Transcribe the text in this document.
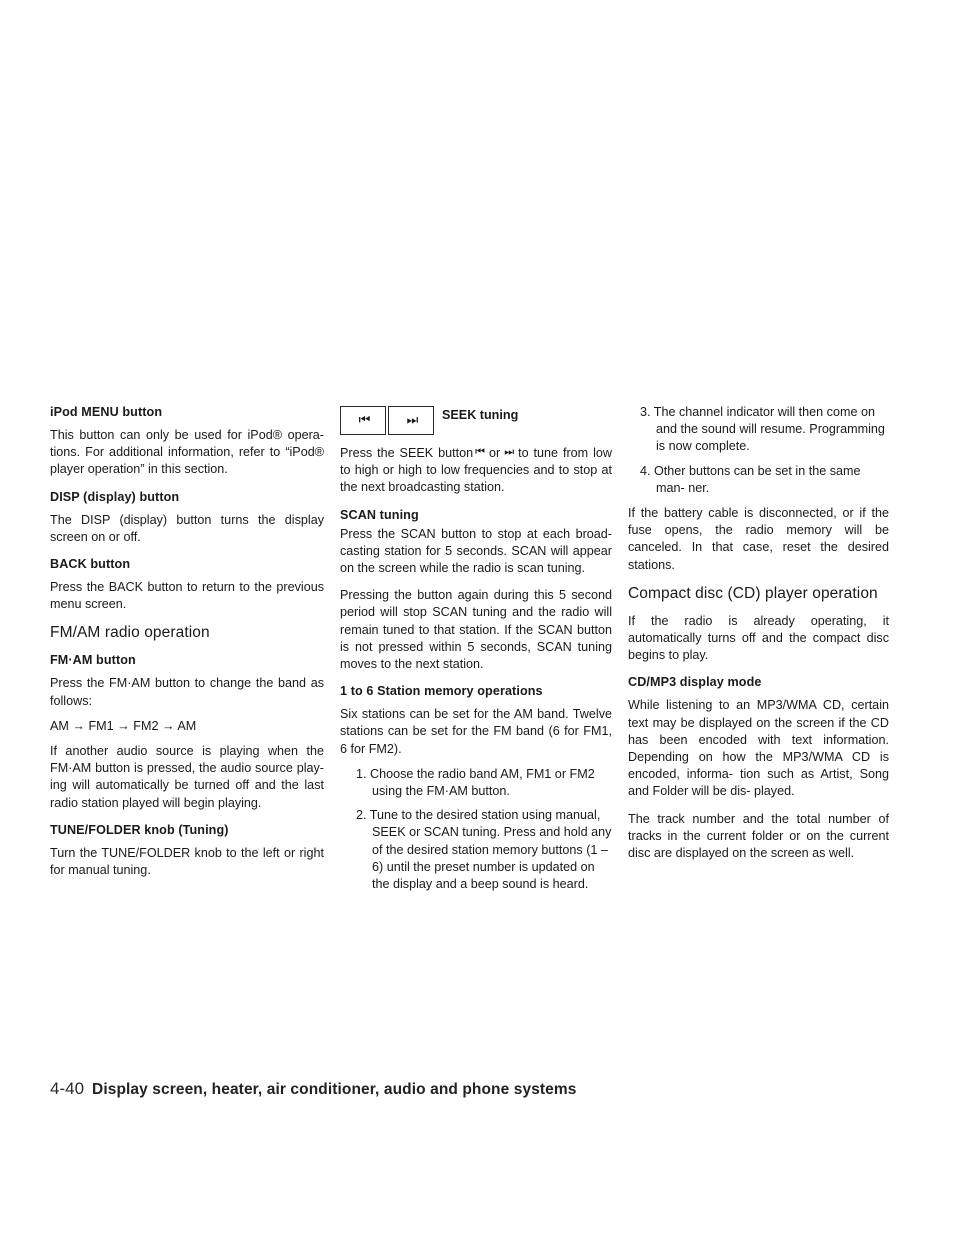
iPod MENU button

This button can only be used for iPod® opera- tions. For additional information, refer to “iPod® player operation” in this section.

DISP (display) button

The DISP (display) button turns the display screen on or off.

BACK button

Press the BACK button to return to the previous menu screen.

FM/AM radio operation
FM·AM button

Press the FM·AM button to change the band as follows:

AM → FM1 → FM2 → AM

If another audio source is playing when the FM·AM button is pressed, the audio source play- ing will automatically be turned off and the last radio station played will begin playing.

TUNE/FOLDER knob (Tuning)

Turn the TUNE/FOLDER knob to the left or right for manual tuning.

⏮	⏭	SEEK tuning

Press the SEEK button ⏮ or ⏭ to tune from low to high or high to low frequencies and to stop at the next broadcasting station.

SCAN tuning

Press the SCAN button to stop at each broad- casting station for 5 seconds. SCAN will appear on the screen while the radio is scan tuning.

Pressing the button again during this 5 second period will stop SCAN tuning and the radio will remain tuned to that station. If the SCAN button is not pressed within 5 seconds, SCAN tuning moves to the next station.

1 to 6 Station memory operations

Six stations can be set for the AM band. Twelve stations can be set for the FM band (6 for FM1, 6 for FM2).

1. Choose the radio band AM, FM1 or FM2 using the FM·AM button.
2. Tune to the desired station using manual, SEEK or SCAN tuning. Press and hold any of the desired station memory buttons (1 – 6) until the preset number is updated on the display and a beep sound is heard.
3. The channel indicator will then come on and the sound will resume. Programming is now complete.
4. Other buttons can be set in the same man- ner.

If the battery cable is disconnected, or if the fuse opens, the radio memory will be canceled. In that case, reset the desired stations.

Compact disc (CD) player operation

If the radio is already operating, it automatically turns off and the compact disc begins to play.

CD/MP3 display mode

While listening to an MP3/WMA CD, certain text may be displayed on the screen if the CD has been encoded with text information. Depending on how the MP3/WMA CD is encoded, informa- tion such as Artist, Song and Folder will be dis- played.

The track number and the total number of tracks in the current folder or on the current disc are displayed on the screen as well.

4-40 Display screen, heater, air conditioner, audio and phone systems
